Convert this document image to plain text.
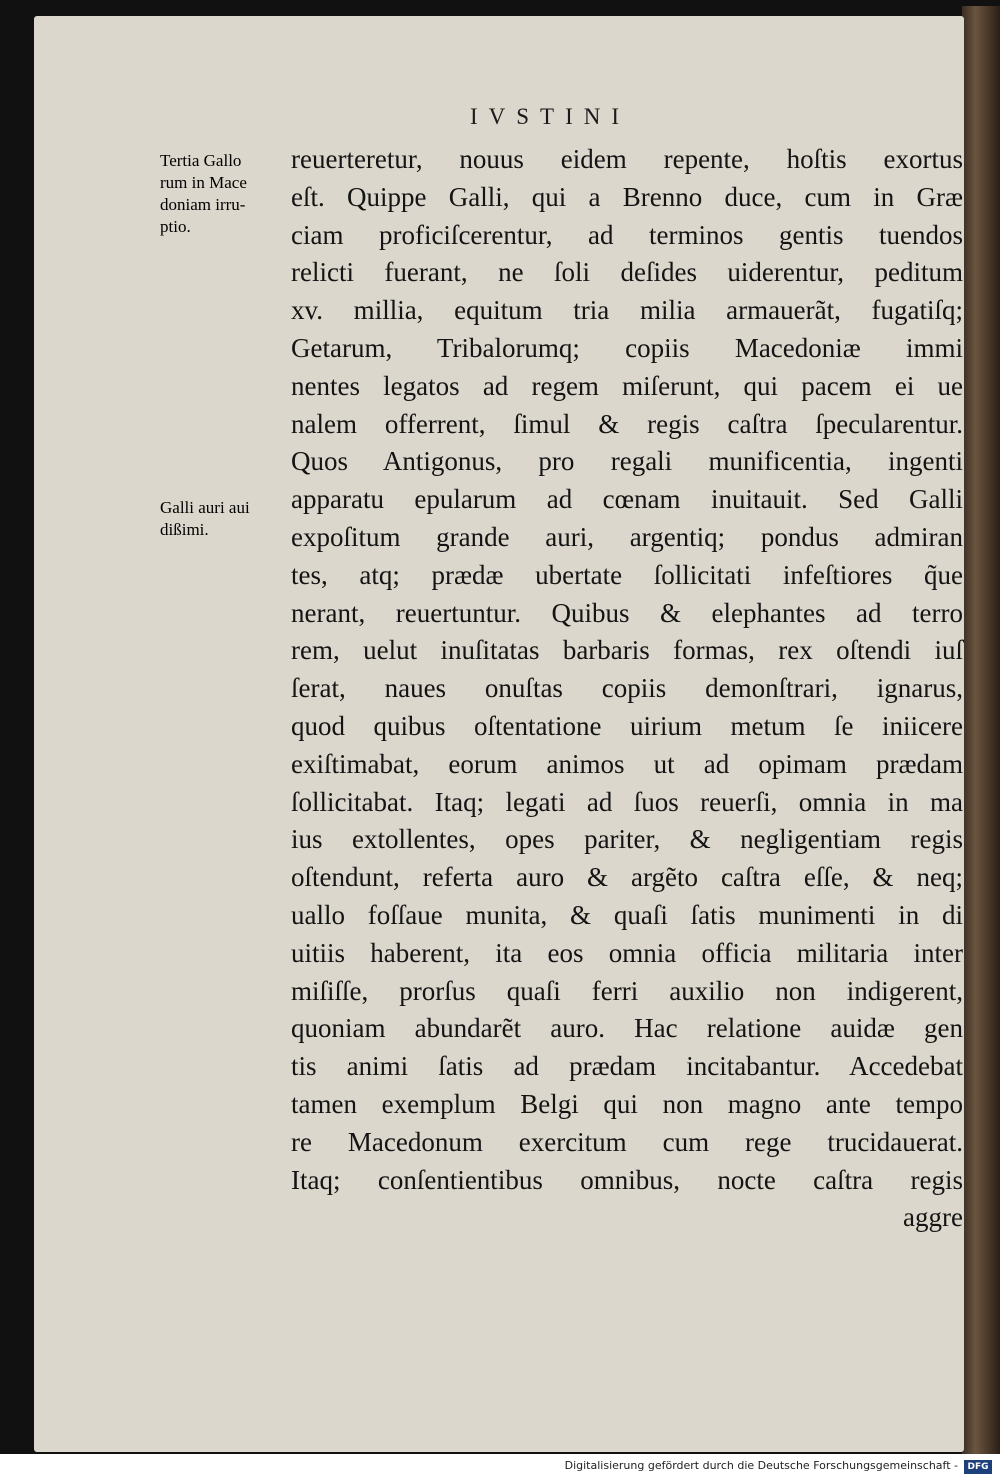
IVSTINI
Tertia Gallo
rum in Mace
doniam irru-
ptio.
Galli auri aui
dißimi.
reuerteretur, nouus eidem repente, hoſtis exortus
eſt. Quippe Galli, qui a Brenno duce, cum in Græ
ciam proficiſcerentur, ad terminos gentis tuendos
relicti fuerant, ne ſoli deſides uiderentur, peditum
xv. millia, equitum tria milia armauerãt, fugatiſq;
Getarum, Tribalorumq; copiis Macedoniæ immi
nentes legatos ad regem miſerunt, qui pacem ei ue
nalem offerrent, ſimul & regis caſtra ſpecularentur.
Quos Antigonus, pro regali munificentia, ingenti
apparatu epularum ad cœnam inuitauit. Sed Galli
expoſitum grande auri, argentiq; pondus admiran
tes, atq; prædæ ubertate ſollicitati infeſtiores q̃ue
nerant, reuertuntur. Quibus & elephantes ad terro
rem, uelut inuſitatas barbaris formas, rex oſtendi iuſ
ſerat, naues onuſtas copiis demonſtrari, ignarus,
quod quibus oſtentatione uirium metum ſe iniicere
exiſtimabat, eorum animos ut ad opimam prædam
ſollicitabat. Itaq; legati ad ſuos reuerſi, omnia in ma
ius extollentes, opes pariter, & negligentiam regis
oſtendunt, referta auro & argẽto caſtra eſſe, & neq;
uallo foſſaue munita, & quaſi ſatis munimenti in di
uitiis haberent, ita eos omnia officia militaria inter
miſiſſe, prorſus quaſi ferri auxilio non indigerent,
quoniam abundarẽt auro. Hac relatione auidæ gen
tis animi ſatis ad prædam incitabantur. Accedebat
tamen exemplum Belgi qui non magno ante tempo
re Macedonum exercitum cum rege trucidauerat.
Itaq; conſentientibus omnibus, nocte caſtra regis
aggre
Digitalisierung gefördert durch die Deutsche Forschungsgemeinschaft -	DFG
